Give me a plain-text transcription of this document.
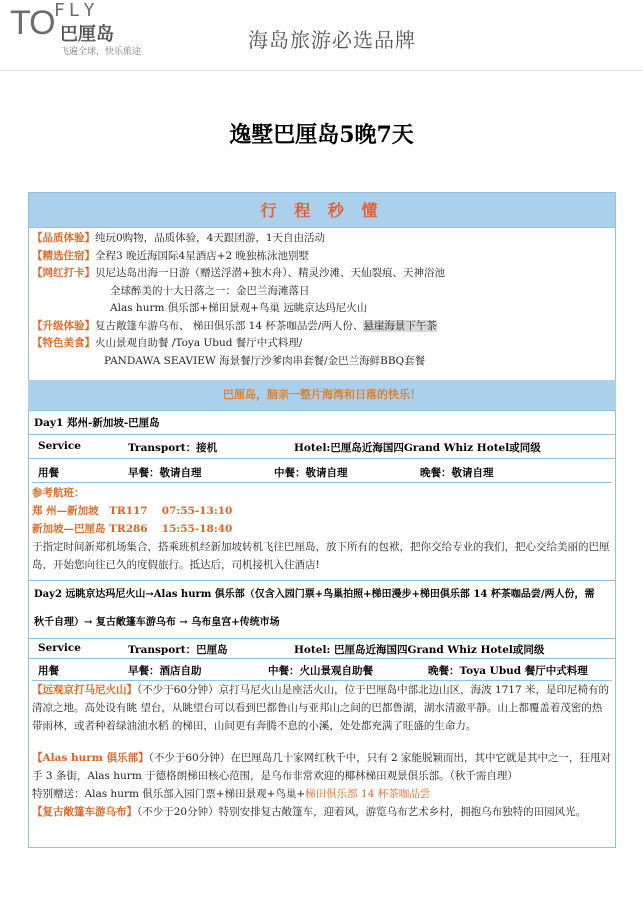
TO FLY
巴厘岛
飞遍全球，快乐旅途	海岛旅游必选品牌
逸墅巴厘岛5晚7天
行 程 秒 懂
【品质体验】纯玩0购物，品质体验，4天跟团游，1天自由活动
【精选住宿】全程3 晚近海国际4星酒店+2 晚独栋泳池别墅
【网红打卡】贝尼达岛出海一日游（赠送浮潜+独木舟）、精灵沙滩、天仙裂痕、天神浴池
全球醉美的十大日落之一：金巴兰海滩落日
Alas hurm 俱乐部+梯田景观+鸟巢 远眺京达玛尼火山
【升级体验】复古敞篷车游乌布、 梯田俱乐部 14 杯茶咖品尝/两人份、悬崖海景下午茶
【特色美食】火山景观自助餐 /Toya Ubud 餐厅中式料理/
PANDAWA SEAVIEW 海景餐厅沙爹肉串套餐/金巴兰海鲜BBQ套餐
巴厘岛，脑亲一整片海湾和日落的快乐！
Day1 郑州-新加坡-巴厘岛
Service	Transport：接机	Hotel:巴厘岛近海国四Grand Whiz Hotel或同级
用餐	早餐：敬请自理	中餐：敬请自理	晚餐：敬请自理
参考航班：
郑 州—新加坡　TR117　 07:55-13:10
新加坡—巴厘岛 TR286　 15:55-18:40
于指定时间新郑机场集合，搭乘班机经新加坡转机飞往巴厘岛，放下所有的包袱，把你交给专业的我们，把心交给美丽的巴厘岛，开始您向往已久的度假旅行。抵达后，司机接机入住酒店!
Day2 远眺京达玛尼火山→Alas hurm 俱乐部（仅含入园门票+鸟巢拍照+梯田漫步+梯田俱乐部 14 杯茶咖品尝/两人份，需
秋千自理）→ 复古敞篷车游乌布 → 乌布皇宫+传统市场
Service	Transport：巴厘岛	Hotel: 巴厘岛近海国四Grand Whiz Hotel或同级
用餐	早餐：酒店自助	中餐：火山景观自助餐	晚餐：Toya Ubud 餐厅中式料理
【远观京打马尼火山】（不少于60分钟）京打马尼火山是座活火山，位于巴厘岛中部北边山区，海波 1717 米，是印尼椅有的清凉之地。高处设有眺 望台，从眺望台可以看到巴都鲁山与亚邦山之间的巴都鲁湖，湖水清澈平静。山上都覆盖着茂密的热带雨林，或者种着绿油油水稻 的梯田，山间更有奔腾不息的小溪，处处都充满了旺盛的生命力。
【Alas hurm 俱乐部】（不少于60分钟）在巴厘岛几十家网红秋千中，只有 2 家能脱颖而出，其中它就是其中之一，狂甩对手 3 条街，Alas hurm 于德格朗梯田核心范围，是乌布非常欢迎的椰林梯田观景俱乐部。（秋千需自理）
特别赠送：Alas hurm 俱乐部入园门票+梯田景观+鸟巢+梯田俱乐部 14 杯茶咖品尝
【复古敞篷车游乌布】（不少于20分钟）特别安排复古敞篷车，迎着风，游览乌布艺术乡村，拥抱乌布独特的田园风光。
